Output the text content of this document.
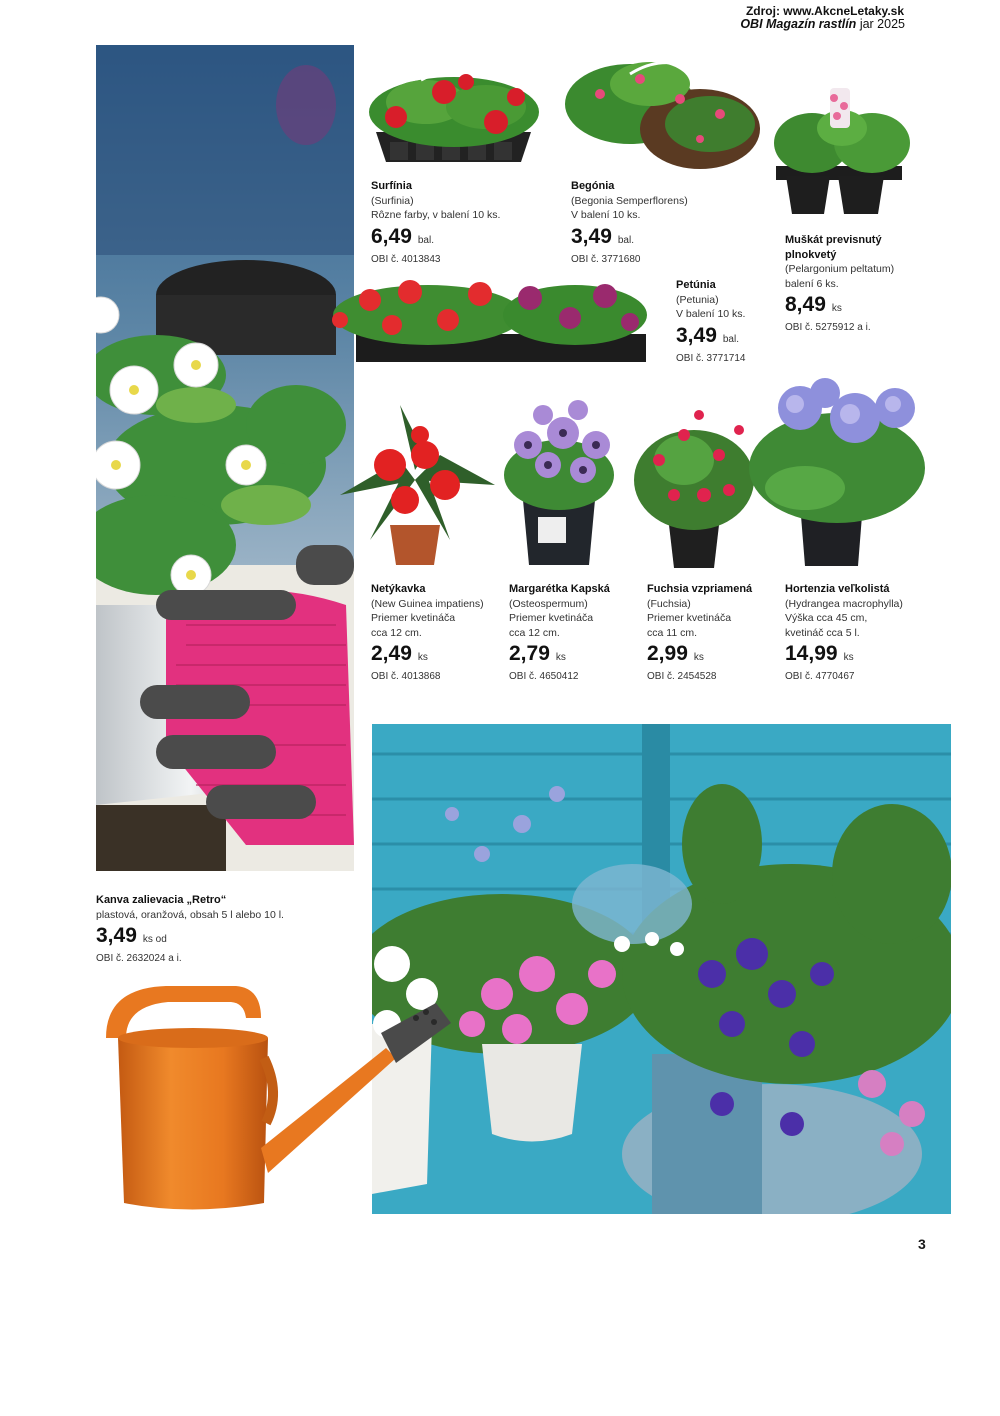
Zdroj: www.AkcneLetaky.sk
OBI Magazín rastlín jar 2025
Surfínia
(Surfinia)
Rôzne farby, v balení 10 ks.
6,49 bal.
OBI č. 4013843
Begónia
(Begonia Semperflorens)
V balení 10 ks.
3,49 bal.
OBI č. 3771680
Muškát previsnutý plnokvetý
(Pelargonium peltatum)
balení 6 ks.
8,49 ks
OBI č. 5275912 a i.
Petúnia
(Petunia)
V balení 10 ks.
3,49 bal.
OBI č. 3771714
Netýkavka
(New Guinea impatiens)
Priemer kvetináča
cca 12 cm.
2,49 ks
OBI č. 4013868
Margarétka Kapská
(Osteospermum)
Priemer kvetináča
cca 12 cm.
2,79 ks
OBI č. 4650412
Fuchsia vzpriamená
(Fuchsia)
Priemer kvetináča
cca 11 cm.
2,99 ks
OBI č. 2454528
Hortenzia veľkolistá
(Hydrangea macrophylla)
Výška cca 45 cm,
kvetináč cca 5 l.
14,99 ks
OBI č. 4770467
Kanva zalievacia „Retro“
plastová, oranžová, obsah 5 l alebo 10 l.
3,49 ks od
OBI č. 2632024 a i.
3
